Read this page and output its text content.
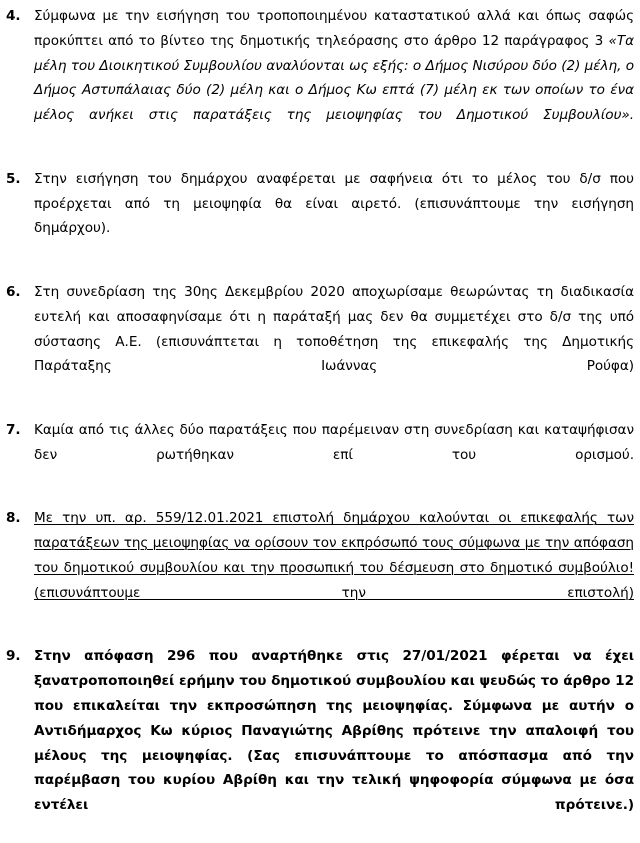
4. Σύμφωνα με την εισήγηση του τροποποιημένου καταστατικού αλλά και όπως σαφώς προκύπτει από το βίντεο της δημοτικής τηλεόρασης στο άρθρο 12 παράγραφος 3 «Τα μέλη του Διοικητικού Συμβουλίου αναλύονται ως εξής: ο Δήμος Νισύρου δύο (2) μέλη, ο Δήμος Αστυπάλαιας δύο (2) μέλη και ο Δήμος Κω επτά (7) μέλη εκ των οποίων το ένα μέλος ανήκει στις παρατάξεις της μειοψηφίας του Δημοτικού Συμβουλίου».
5. Στην εισήγηση του δημάρχου αναφέρεται με σαφήνεια ότι το μέλος του δ/σ που προέρχεται από τη μειοψηφία θα είναι αιρετό. (επισυνάπτουμε την εισήγηση δημάρχου).
6. Στη συνεδρίαση της 30ης Δεκεμβρίου 2020 αποχωρίσαμε θεωρώντας τη διαδικασία ευτελή και αποσαφηνίσαμε ότι η παράταξή μας δεν θα συμμετέχει στο δ/σ της υπό σύστασης Α.Ε. (επισυνάπτεται η τοποθέτηση της επικεφαλής της Δημοτικής Παράταξης Ιωάννας Ρούφα)
7. Καμία από τις άλλες δύο παρατάξεις που παρέμειναν στη συνεδρίαση και καταψήφισαν δεν ρωτήθηκαν επί του ορισμού.
8. Με την υπ. αρ. 559/12.01.2021 επιστολή δημάρχου καλούνται οι επικεφαλής των παρατάξεων της μειοψηφίας να ορίσουν τον εκπρόσωπό τους σύμφωνα με την απόφαση του δημοτικού συμβουλίου και την προσωπική του δέσμευση στο δημοτικό συμβούλιο! (επισυνάπτουμε την επιστολή)
9. Στην απόφαση 296 που αναρτήθηκε στις 27/01/2021 φέρεται να έχει ξανατροποποιηθεί ερήμην του δημοτικού συμβουλίου και ψευδώς το άρθρο 12 που επικαλείται την εκπροσώπηση της μειοψηφίας. Σύμφωνα με αυτήν ο Αντιδήμαρχος Κω κύριος Παναγιώτης Αβρίθης πρότεινε την απαλοιφή του μέλους της μειοψηφίας. (Σας επισυνάπτουμε το απόσπασμα από την παρέμβαση του κυρίου Αβρίθη και την τελική ψηφοφορία σύμφωνα με όσα εντέλει πρότεινε.)
